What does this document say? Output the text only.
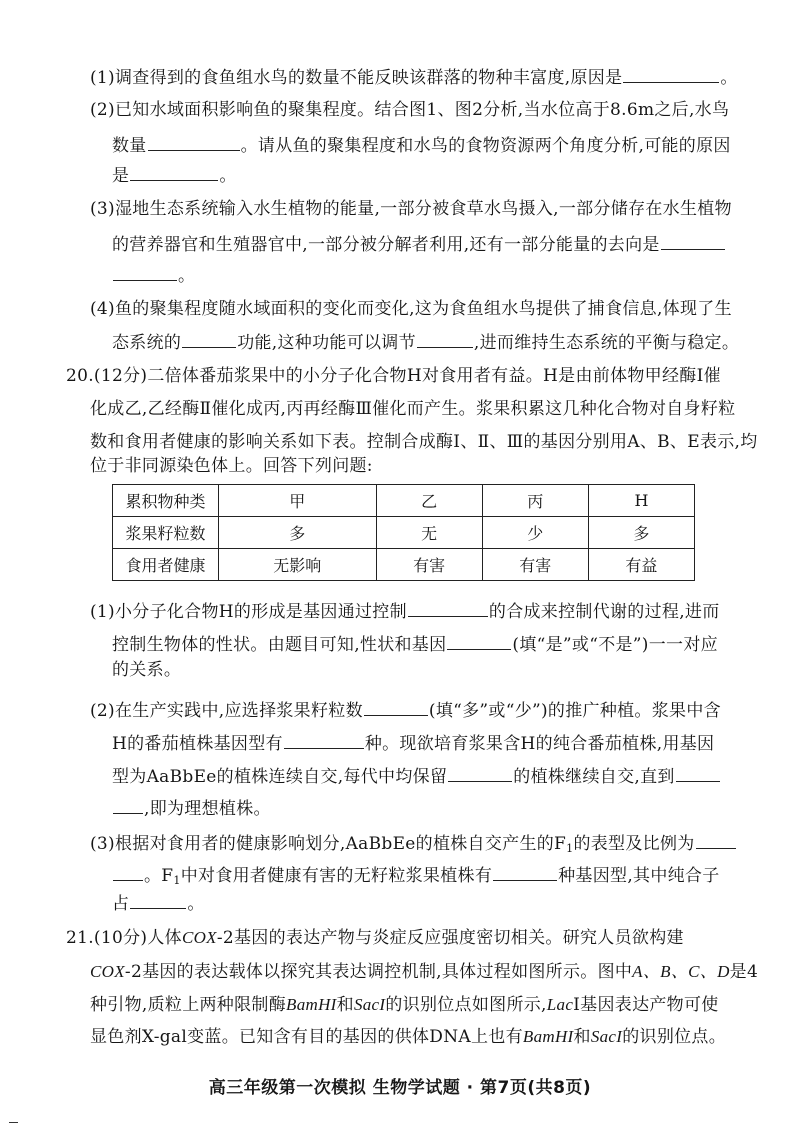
(1)调查得到的食鱼组水鸟的数量不能反映该群落的物种丰富度,原因是	。
(2)已知水域面积影响鱼的聚集程度。结合图1、图2分析,当水位高于8.6m之后,水鸟
数量	。请从鱼的聚集程度和水鸟的食物资源两个角度分析,可能的原因
是	。
(3)湿地生态系统输入水生植物的能量,一部分被食草水鸟摄入,一部分储存在水生植物
的营养器官和生殖器官中,一部分被分解者利用,还有一部分能量的去向是
。
(4)鱼的聚集程度随水域面积的变化而变化,这为食鱼组水鸟提供了捕食信息,体现了生
态系统的	功能,这种功能可以调节	,进而维持生态系统的平衡与稳定。
20.(12分)二倍体番茄浆果中的小分子化合物H对食用者有益。H是由前体物甲经酶Ⅰ催
化成乙,乙经酶Ⅱ催化成丙,丙再经酶Ⅲ催化而产生。浆果积累这几种化合物对自身籽粒
数和食用者健康的影响关系如下表。控制合成酶Ⅰ、Ⅱ、Ⅲ的基因分别用A、B、E表示,均
位于非同源染色体上。回答下列问题:
累积物种类	甲	乙	丙	H
浆果籽粒数	多	无	少	多
食用者健康	无影响	有害	有害	有益
(1)小分子化合物H的形成是基因通过控制	的合成来控制代谢的过程,进而
控制生物体的性状。由题目可知,性状和基因	(填“是”或“不是”)一一对应
的关系。
(2)在生产实践中,应选择浆果籽粒数	(填“多”或“少”)的推广种植。浆果中含
H的番茄植株基因型有	种。现欲培育浆果含H的纯合番茄植株,用基因
型为AaBbEe的植株连续自交,每代中均保留	的植株继续自交,直到
,即为理想植株。
(3)根据对食用者的健康影响划分,AaBbEe的植株自交产生的$F_1$的表型及比例为
。$F_1$中对食用者健康有害的无籽粒浆果植株有	种基因型,其中纯合子
占	。
21.(10分)人体COX-2基因的表达产物与炎症反应强度密切相关。研究人员欲构建
COX-2基因的表达载体以探究其表达调控机制,具体过程如图所示。图中A、B、C、D是4
种引物,质粒上两种限制酶BamHI和SacI的识别位点如图所示,LacⅠ基因表达产物可使
显色剂X-gal变蓝。已知含有目的基因的供体DNA上也有BamHI和SacI的识别位点。
高三年级第一次模拟 生物学试题 · 第7页(共8页)
